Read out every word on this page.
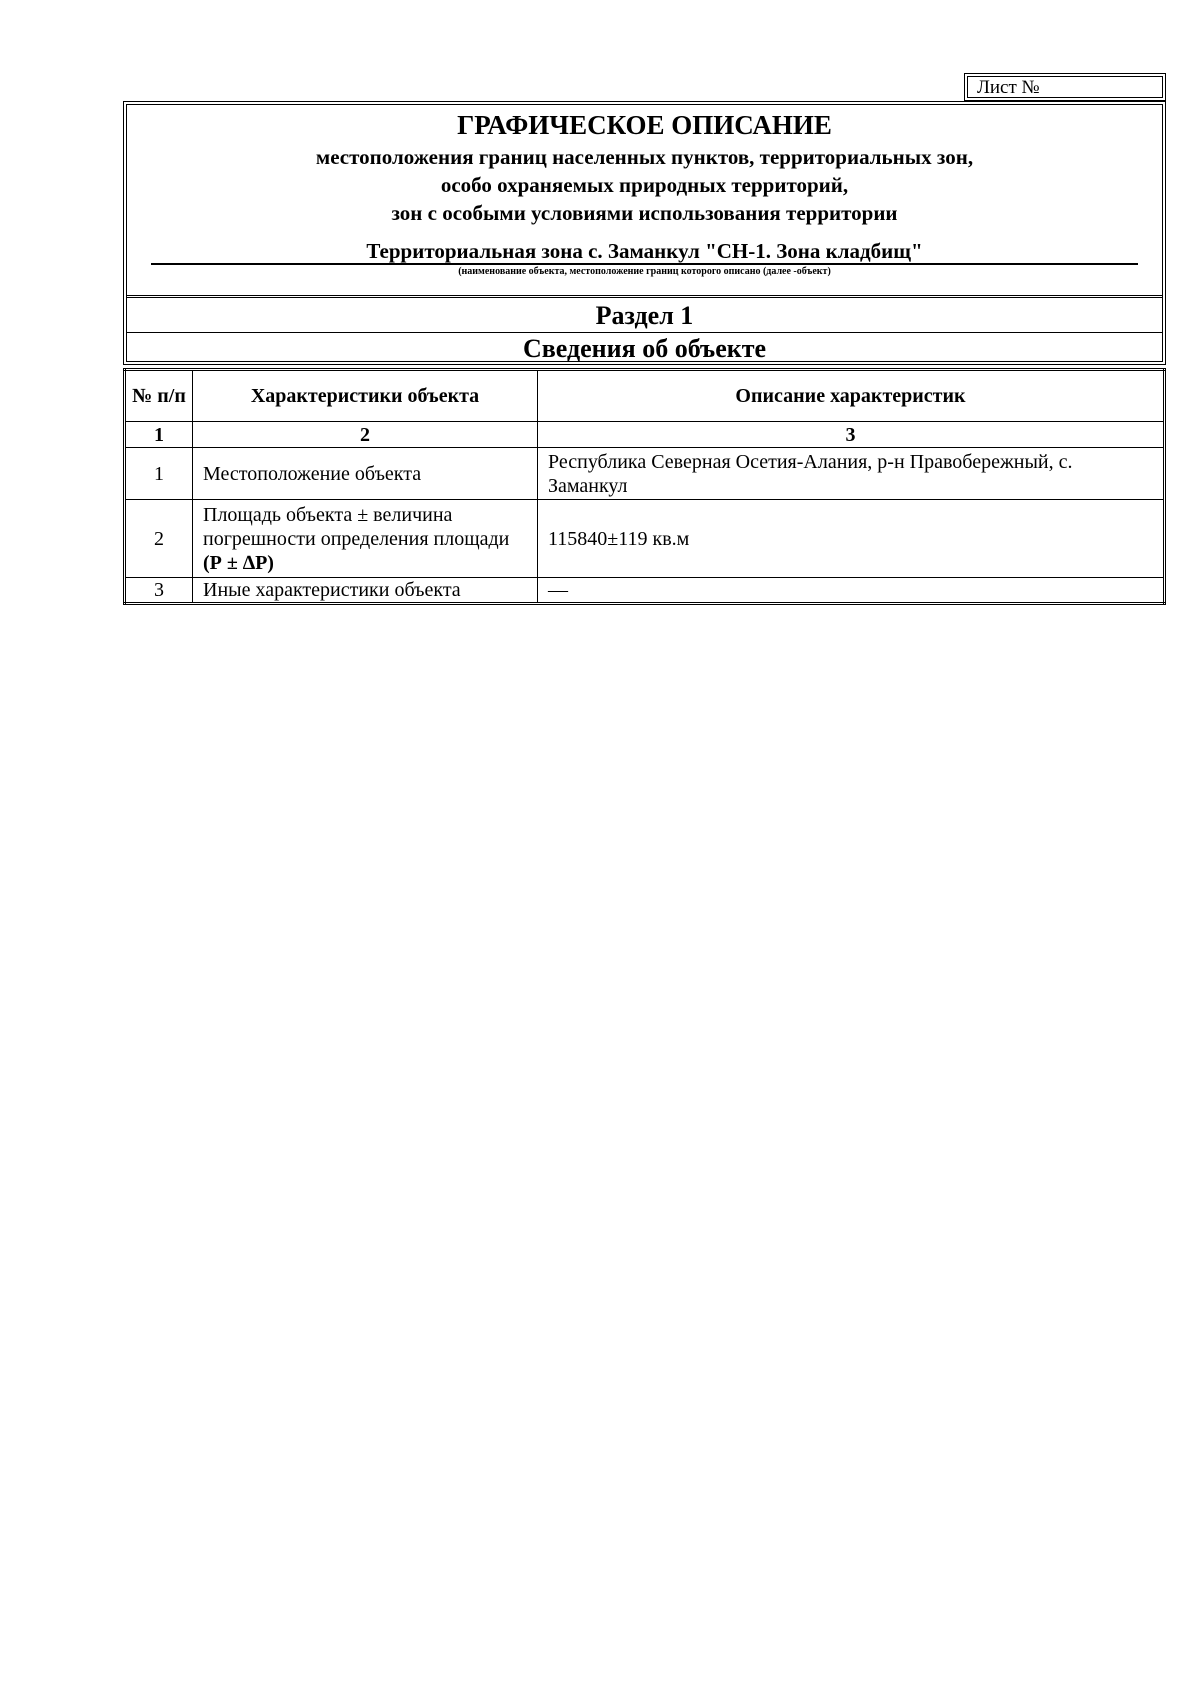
Лист №
ГРАФИЧЕСКОЕ ОПИСАНИЕ
местоположения границ населенных пунктов, территориальных зон,
особо охраняемых природных территорий,
зон с особыми условиями использования территории
Территориальная зона с. Заманкул "СН-1. Зона кладбищ"
(наименование объекта, местоположение границ которого описано (далее -объект)
Раздел 1
Сведения об объекте
№ п/п	Характеристики объекта	Описание характеристик
1	2	3
1	Местоположение объекта	Республика Северная Осетия-Алания, р-н Правобережный, с. Заманкул
2	Площадь объекта ± величина погрешности определения площади (Р ± ∆Р)	115840±119 кв.м
3	Иные характеристики объекта	—
